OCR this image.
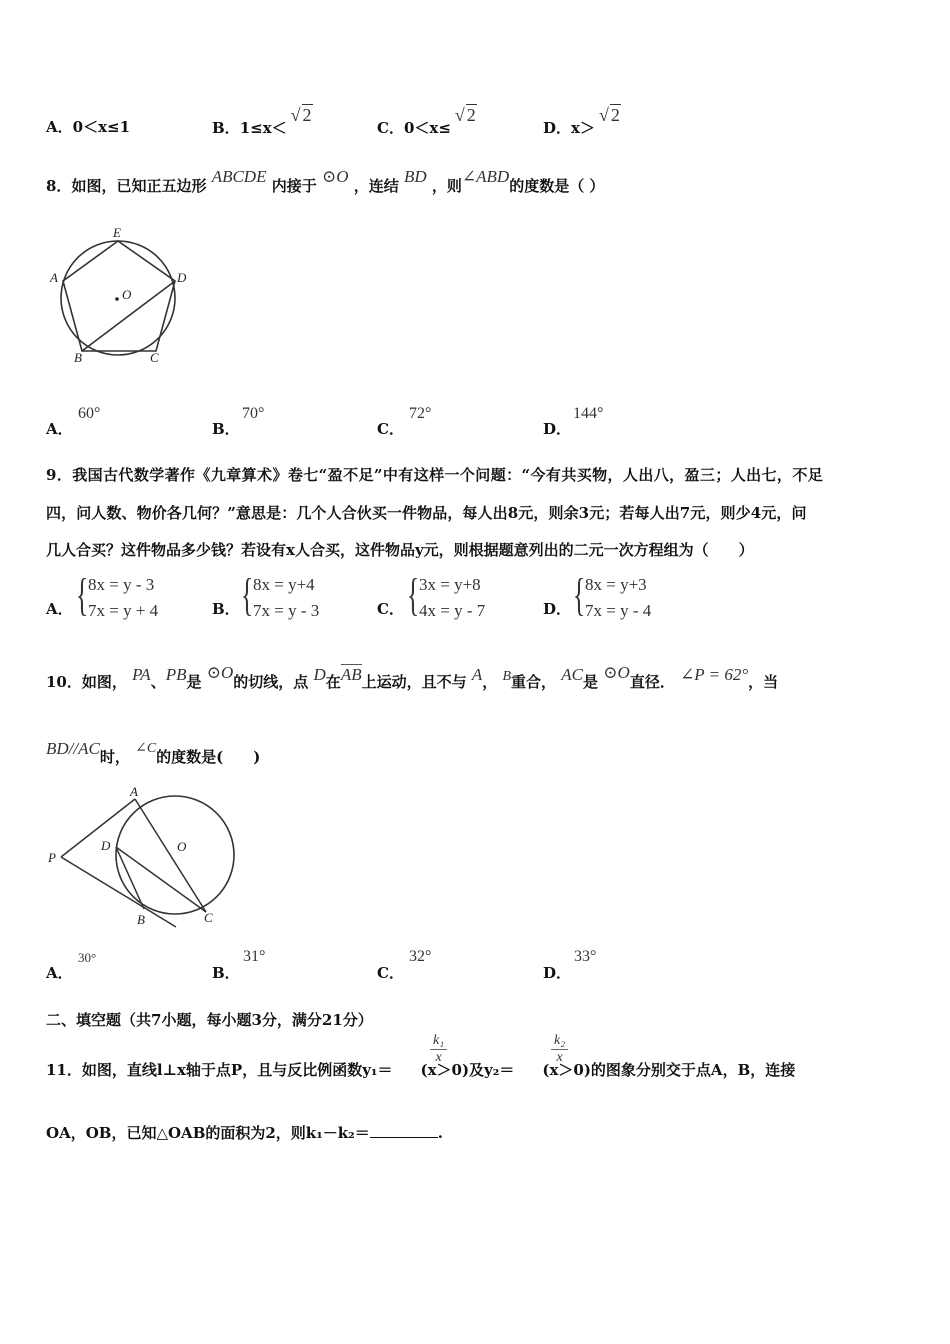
A．0＜x≤1	B．1≤x＜√ 2
C．0＜x≤√ 2
D．x＞√ 2
8．如图，已知正五边形 ABCDE 内接于 ⊙O ，连结 BD ，则∠ABD的度数是（ ）
E
A	D
O
B	C
A．
60°
B．
70°
C．
72°
D．
144°
9．我国古代数学著作《九章算术》卷七“盈不足”中有这样一个问题：“今有共买物，人出八，盈三；人出七，不足
四，问人数、物价各几何？”意思是：几个人合伙买一件物品，每人出8元，则余3元；若每人出7元，则少4元，问
几人合买？这件物品多少钱？若设有x人合买，这件物品y元，则根据题意列出的二元一次方程组为（　　）
A． { 8x = y - 3
7x = y + 4	B． { 8x = y+4
7x = y - 3	C． { 3x = y+8
4x = y - 7	D． { 8x = y+3
7x = y - 4
10．如图， PA、PB是 ⊙O的切线，点 D在AB上运动，且不与 A， B重合， AC是 ⊙O直径． ∠P = 62°，当
BD//AC时， ∠C的度数是(　　)
A
P
D	O
B	C
A．
30°
B．
31°
C．
32°
D．
33°
二、填空题（共7小题，每小题3分，满分21分）
11．如图，直线l⊥x轴于点P，且与反比例函数y₁＝ (x＞0)及y₂＝ (x＞0)的图象分别交于点A，B，连接
$\frac{\text{k₁}}{x}$	$\frac{\text{k₂}}{x}$
OA，OB，已知△OAB的面积为2，则k₁－k₂＝	.
